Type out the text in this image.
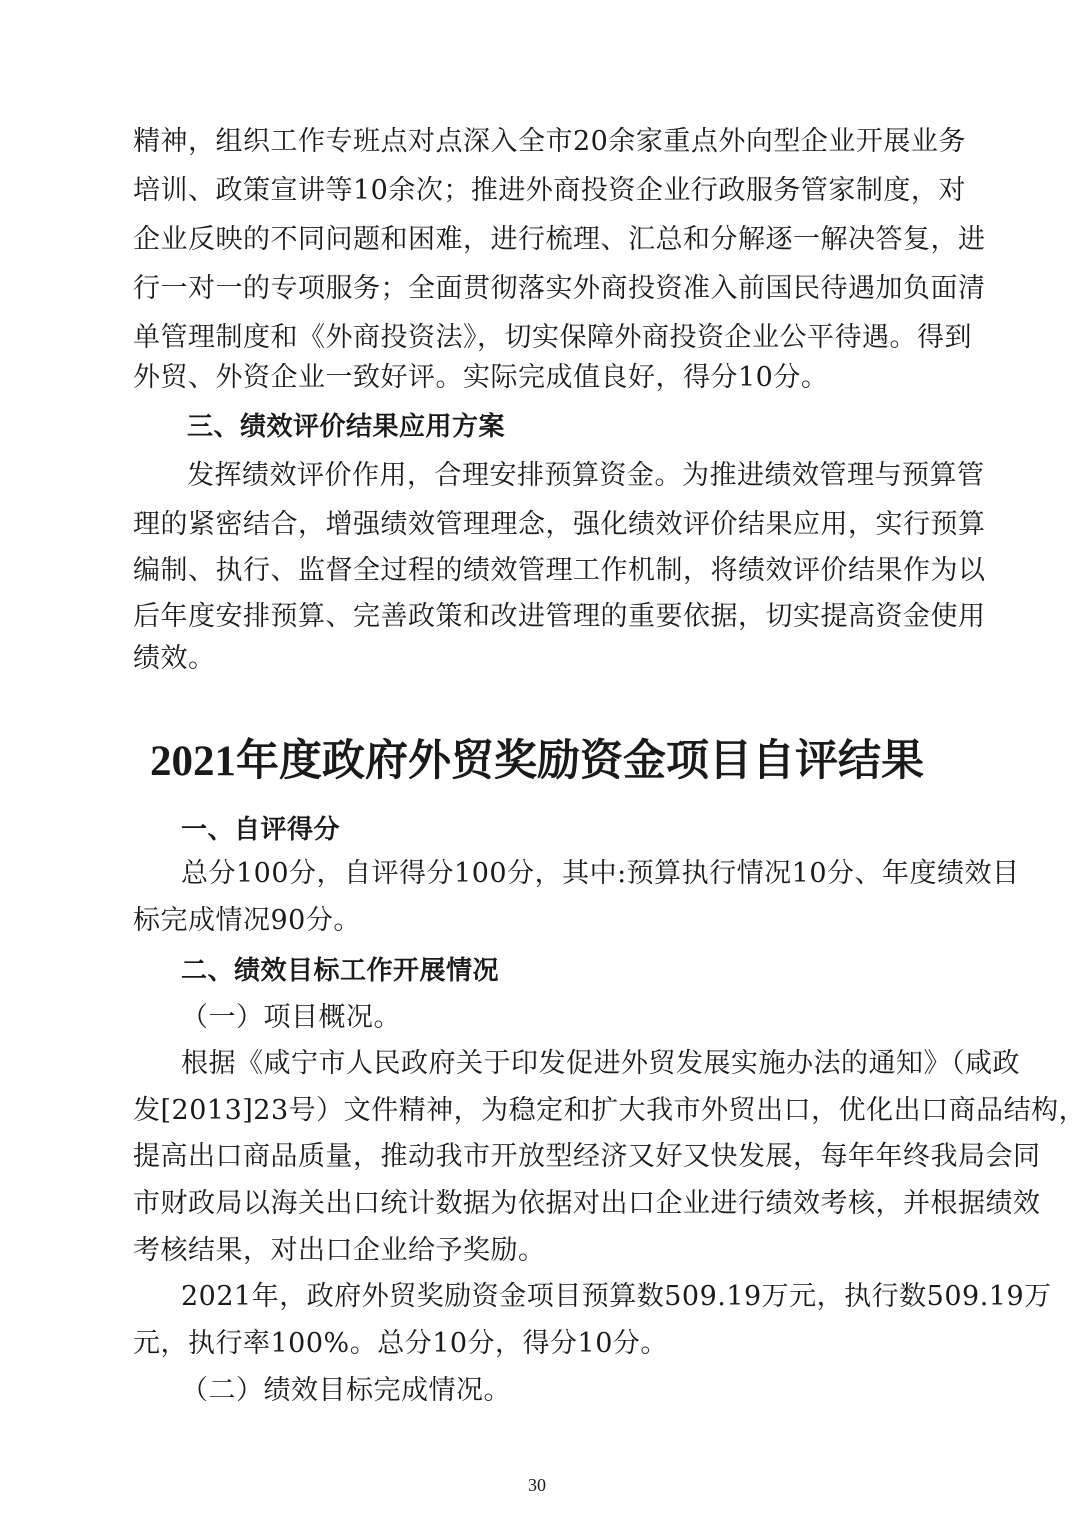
精神，组织工作专班点对点深入全市20余家重点外向型企业开展业务
培训、政策宣讲等10余次；推进外商投资企业行政服务管家制度，对
企业反映的不同问题和困难，进行梳理、汇总和分解逐一解决答复，进
行一对一的专项服务；全面贯彻落实外商投资准入前国民待遇加负面清
单管理制度和《外商投资法》，切实保障外商投资企业公平待遇。得到
外贸、外资企业一致好评。实际完成值良好，得分10分。
三、绩效评价结果应用方案
发挥绩效评价作用，合理安排预算资金。为推进绩效管理与预算管
理的紧密结合，增强绩效管理理念，强化绩效评价结果应用，实行预算
编制、执行、监督全过程的绩效管理工作机制，将绩效评价结果作为以
后年度安排预算、完善政策和改进管理的重要依据，切实提高资金使用
绩效。
2021年度政府外贸奖励资金项目自评结果
一、自评得分
总分100分，自评得分100分，其中:预算执行情况10分、年度绩效目
标完成情况90分。
二、绩效目标工作开展情况
（一）项目概况。
根据《咸宁市人民政府关于印发促进外贸发展实施办法的通知》（咸政
发[2013]23号）文件精神，为稳定和扩大我市外贸出口，优化出口商品结构，
提高出口商品质量，推动我市开放型经济又好又快发展，每年年终我局会同
市财政局以海关出口统计数据为依据对出口企业进行绩效考核，并根据绩效
考核结果，对出口企业给予奖励。
2021年，政府外贸奖励资金项目预算数509.19万元，执行数509.19万
元，执行率100%。总分10分，得分10分。
（二）绩效目标完成情况。
30
